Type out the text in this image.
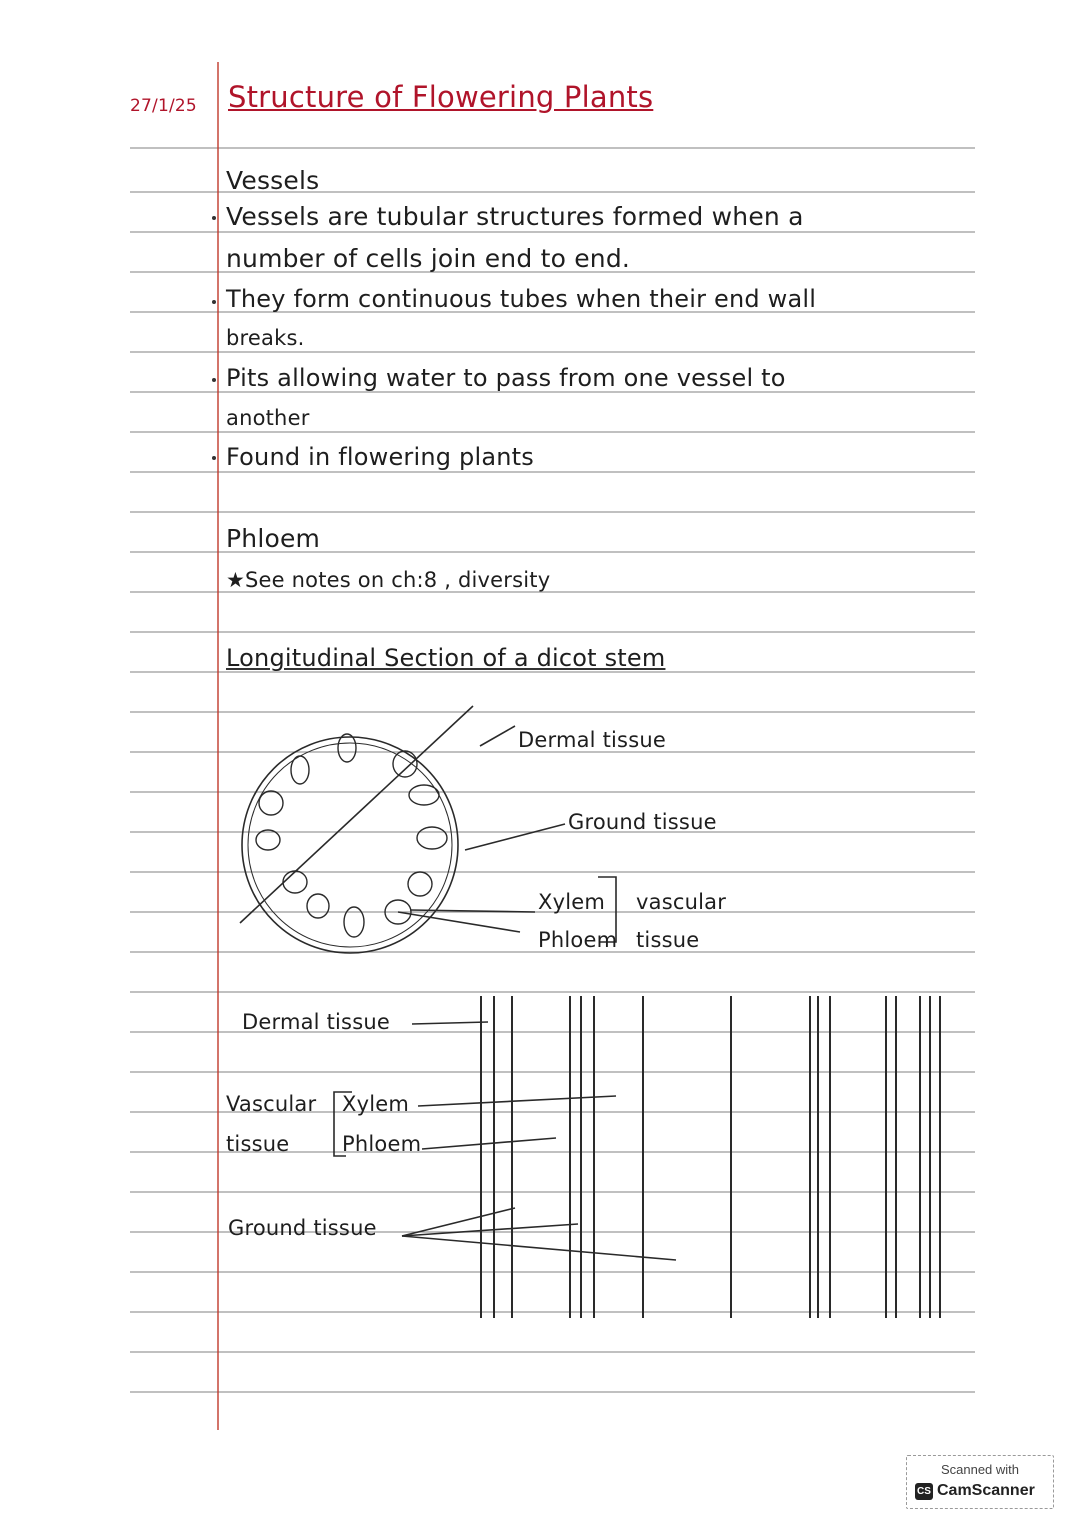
27/1/25 Structure of Flowering Plants
Vessels
Vessels are tubular structures formed when a
number of cells join end to end.
They form continuous tubes when their end wall
breaks.
Pits allowing water to pass from one vessel to
another
Found in flowering plants
Phloem
★See notes on ch:8 , diversity
Longitudinal Section of a dicot stem
Dermal tissue
Ground tissue
Xylem
Phloem
vascular
tissue
Dermal tissue
Vascular
tissue
Xylem
Phloem
Ground tissue
Scanned with
CS CamScanner
